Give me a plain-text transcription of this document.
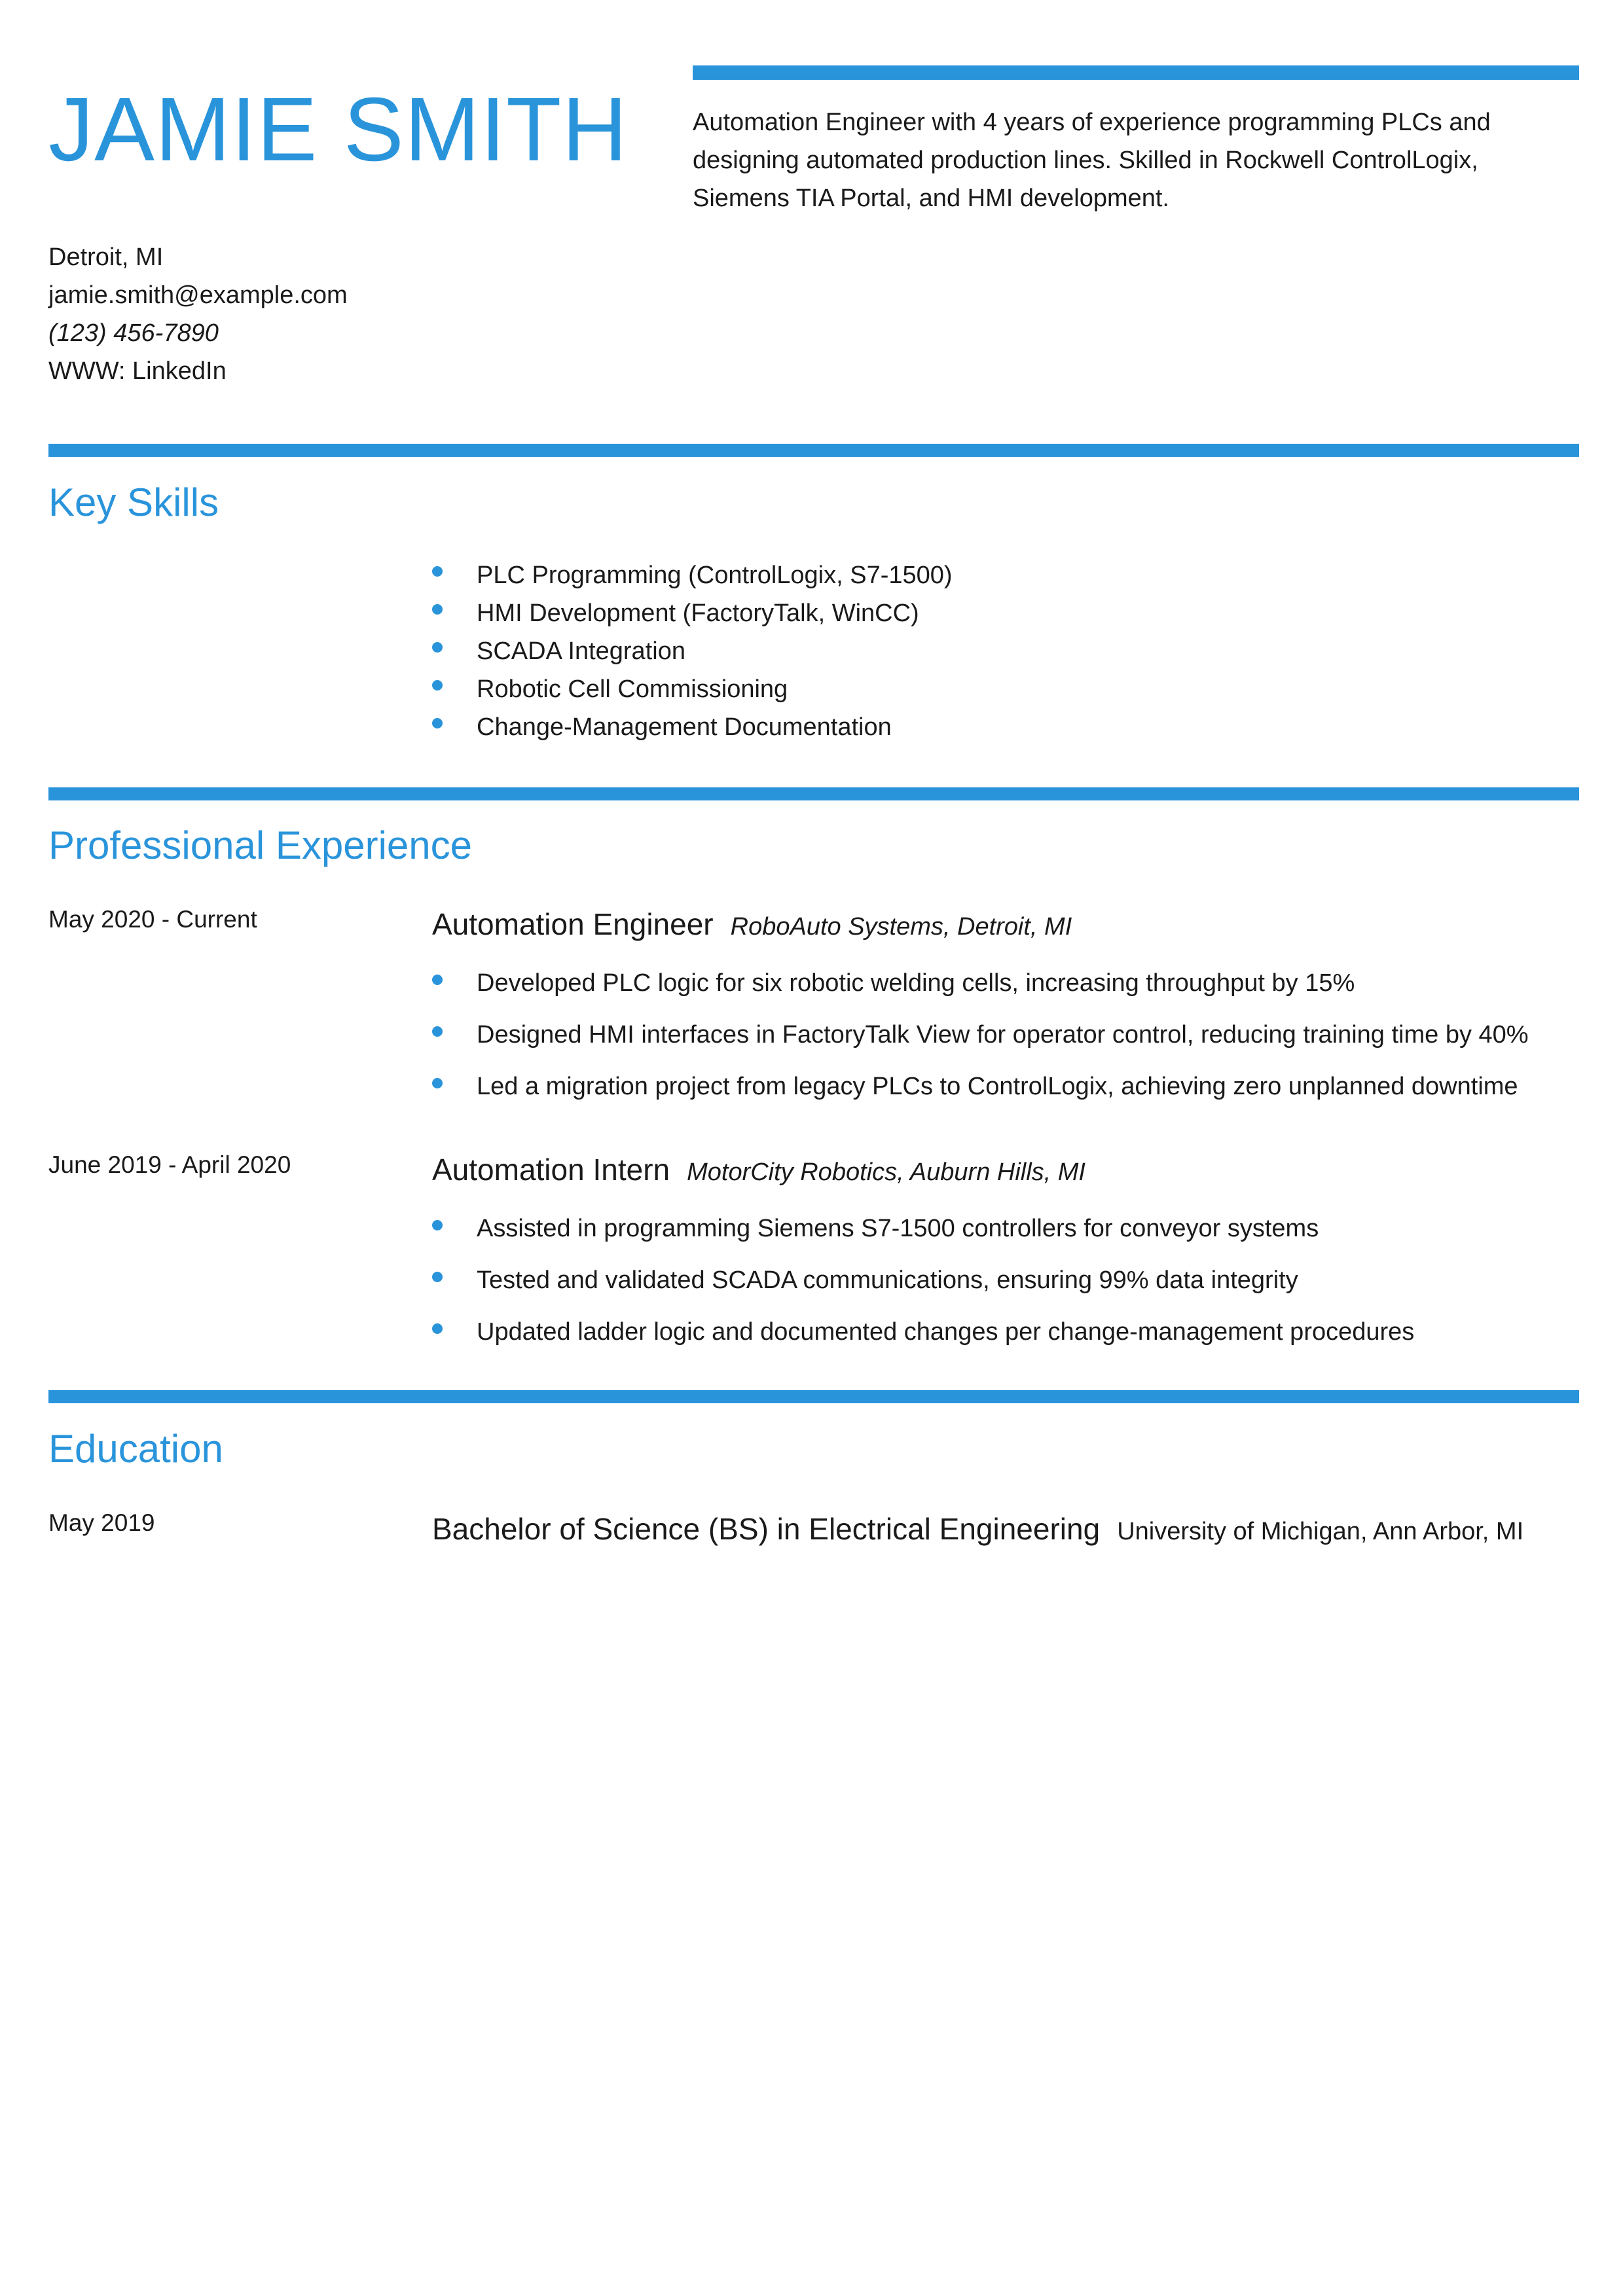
JAMIE SMITH	Automation Engineer with 4 years of experience programming PLCs and designing automated production lines. Skilled in Rockwell ControlLogix, Siemens TIA Portal, and HMI development.
Detroit, MI
jamie.smith@example.com
(123) 456-7890
WWW: LinkedIn
Key Skills
PLC Programming (ControlLogix, S7-1500)
HMI Development (FactoryTalk, WinCC)
SCADA Integration
Robotic Cell Commissioning
Change-Management Documentation
Professional Experience
May 2020 - Current	Automation Engineer RoboAuto Systems, Detroit, MI
Developed PLC logic for six robotic welding cells, increasing throughput by 15%
Designed HMI interfaces in FactoryTalk View for operator control, reducing training time by 40%
Led a migration project from legacy PLCs to ControlLogix, achieving zero unplanned downtime
June 2019 - April 2020	Automation Intern MotorCity Robotics, Auburn Hills, MI
Assisted in programming Siemens S7-1500 controllers for conveyor systems
Tested and validated SCADA communications, ensuring 99% data integrity
Updated ladder logic and documented changes per change-management procedures
Education
May 2019	Bachelor of Science (BS) in Electrical Engineering University of Michigan, Ann Arbor, MI
